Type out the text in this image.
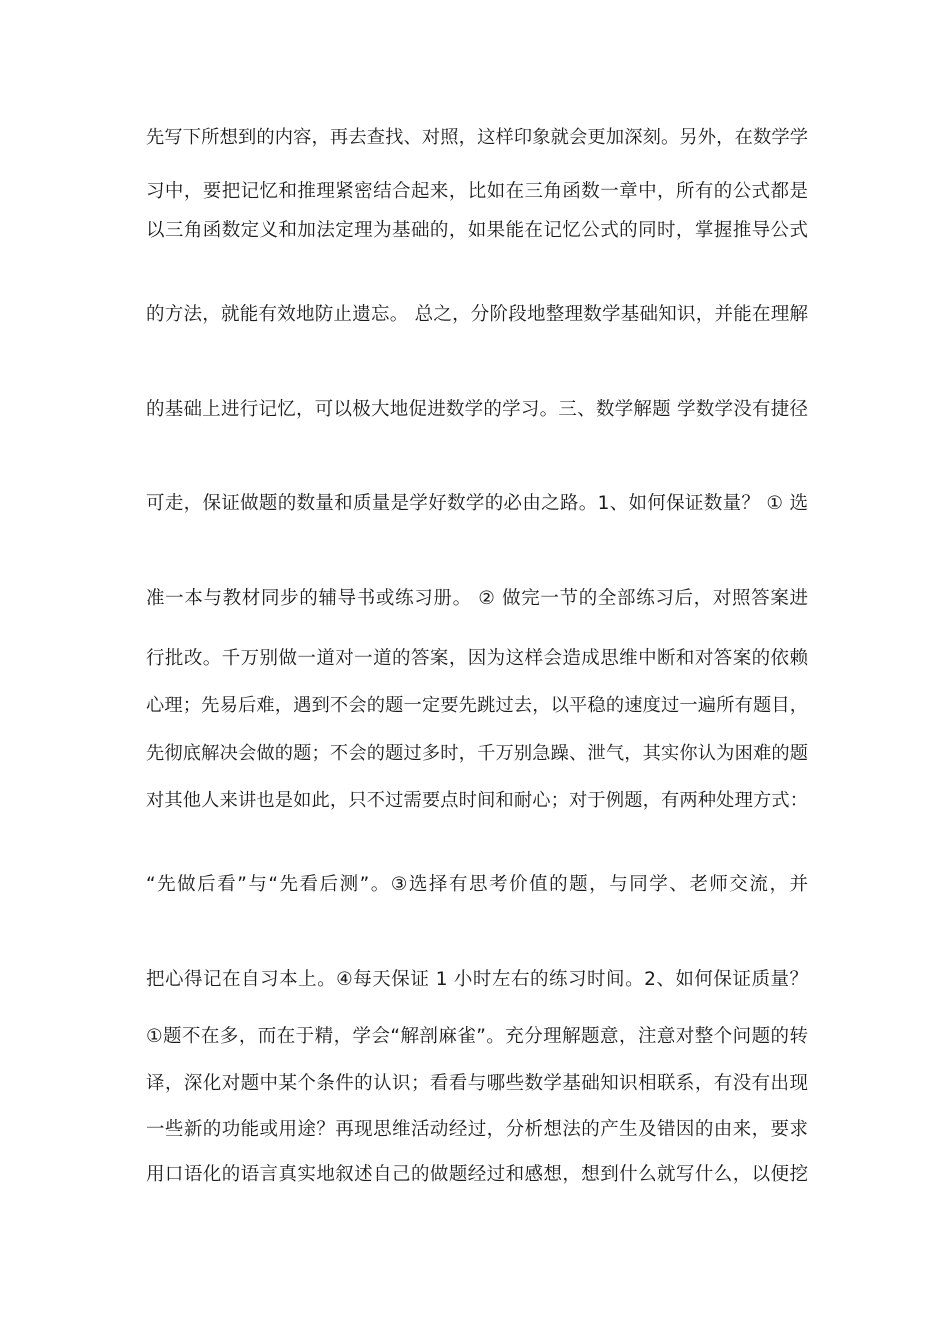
先写下所想到的内容，再去查找、对照，这样印象就会更加深刻。另外，在数学学
习中，要把记忆和推理紧密结合起来，比如在三角函数一章中，所有的公式都是
以三角函数定义和加法定理为基础的，如果能在记忆公式的同时，掌握推导公式
的方法，就能有效地防止遗忘。 总之，分阶段地整理数学基础知识，并能在理解
的基础上进行记忆，可以极大地促进数学的学习。三、数学解题 学数学没有捷径
可走，保证做题的数量和质量是学好数学的必由之路。1、如何保证数量？ ① 选
准一本与教材同步的辅导书或练习册。 ② 做完一节的全部练习后，对照答案进
行批改。千万别做一道对一道的答案，因为这样会造成思维中断和对答案的依赖
心理；先易后难，遇到不会的题一定要先跳过去，以平稳的速度过一遍所有题目，
先彻底解决会做的题；不会的题过多时，千万别急躁、泄气，其实你认为困难的题
对其他人来讲也是如此，只不过需要点时间和耐心；对于例题，有两种处理方式：
“先做后看”与“先看后测”。③选择有思考价值的题，与同学、老师交流，并
把心得记在自习本上。④每天保证 1 小时左右的练习时间。2、如何保证质量？
①题不在多，而在于精，学会“解剖麻雀”。充分理解题意，注意对整个问题的转
译，深化对题中某个条件的认识；看看与哪些数学基础知识相联系，有没有出现
一些新的功能或用途？再现思维活动经过，分析想法的产生及错因的由来，要求
用口语化的语言真实地叙述自己的做题经过和感想，想到什么就写什么，以便挖
